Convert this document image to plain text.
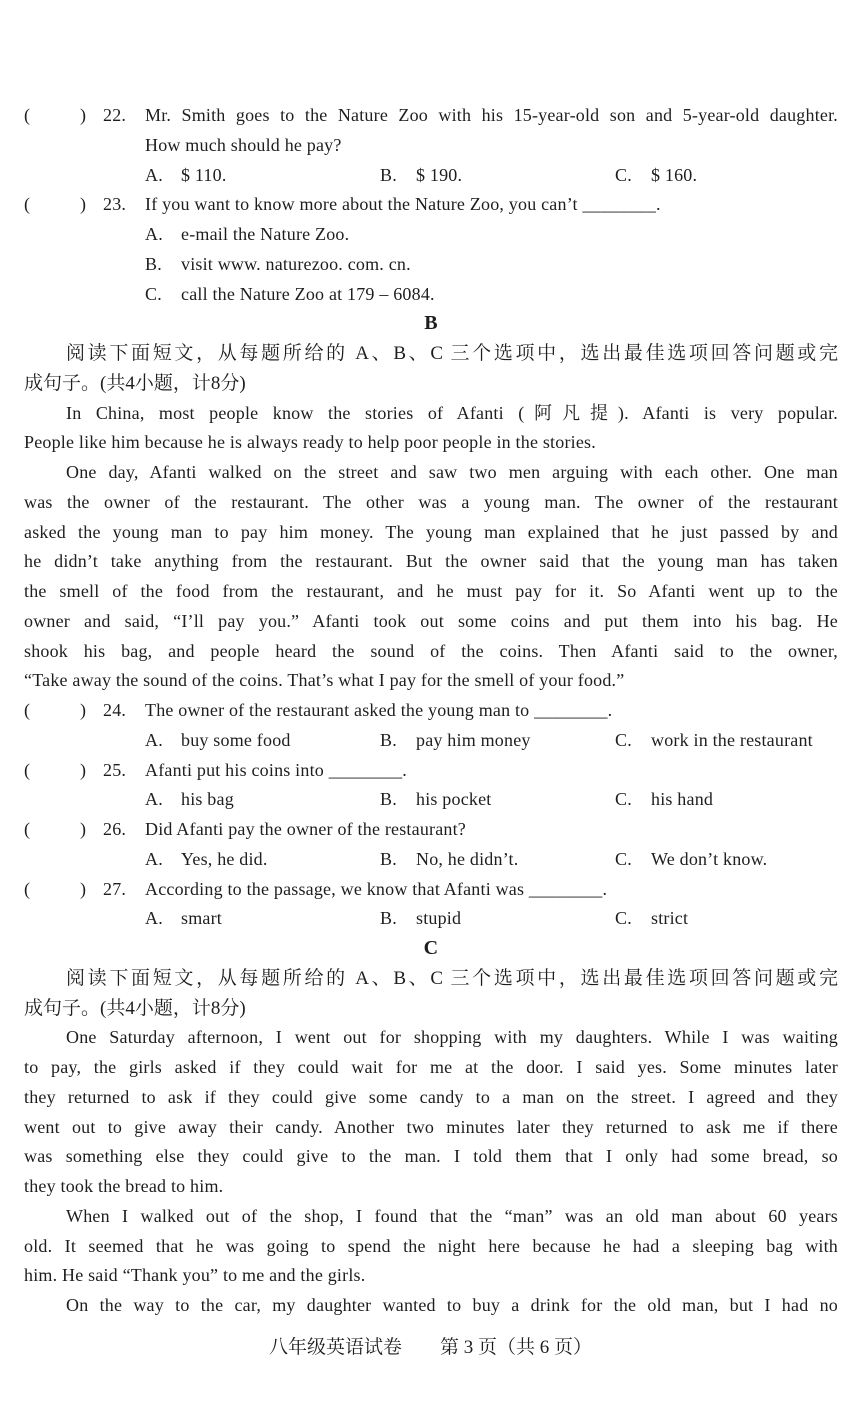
(	) 22. Mr. Smith goes to the Nature Zoo with his 15-year-old son and 5-year-old daughter.
How much should he pay?
A. $ 110.	B. $ 190.	C. $ 160.
(	) 23. If you want to know more about the Nature Zoo, you can’t ________.
A. e-mail the Nature Zoo.
B. visit www. naturezoo. com. cn.
C. call the Nature Zoo at 179 – 6084.
B
阅读下面短文，从每题所给的 A、B、C 三个选项中，选出最佳选项回答问题或完
成句子。(共4小题，计8分)
In China, most people know the stories of Afanti (阿凡提). Afanti is very popular.
People like him because he is always ready to help poor people in the stories.
One day, Afanti walked on the street and saw two men arguing with each other. One man
was the owner of the restaurant. The other was a young man. The owner of the restaurant
asked the young man to pay him money. The young man explained that he just passed by and
he didn’t take anything from the restaurant. But the owner said that the young man has taken
the smell of the food from the restaurant, and he must pay for it. So Afanti went up to the
owner and said, “I’ll pay you.” Afanti took out some coins and put them into his bag. He
shook his bag, and people heard the sound of the coins. Then Afanti said to the owner,
“Take away the sound of the coins. That’s what I pay for the smell of your food.”
(	) 24. The owner of the restaurant asked the young man to ________.
A. buy some food	B. pay him money	C. work in the restaurant
(	) 25. Afanti put his coins into ________.
A. his bag	B. his pocket	C. his hand
(	) 26. Did Afanti pay the owner of the restaurant?
A. Yes, he did.	B. No, he didn’t.	C. We don’t know.
(	) 27. According to the passage, we know that Afanti was ________.
A. smart	B. stupid	C. strict
C
阅读下面短文，从每题所给的 A、B、C 三个选项中，选出最佳选项回答问题或完
成句子。(共4小题，计8分)
One Saturday afternoon, I went out for shopping with my daughters. While I was waiting
to pay, the girls asked if they could wait for me at the door. I said yes. Some minutes later
they returned to ask if they could give some candy to a man on the street. I agreed and they
went out to give away their candy. Another two minutes later they returned to ask me if there
was something else they could give to the man. I told them that I only had some bread, so
they took the bread to him.
When I walked out of the shop, I found that the “man” was an old man about 60 years
old. It seemed that he was going to spend the night here because he had a sleeping bag with
him. He said “Thank you” to me and the girls.
On the way to the car, my daughter wanted to buy a drink for the old man, but I had no
八年级英语试卷 第 3 页（共 6 页）
